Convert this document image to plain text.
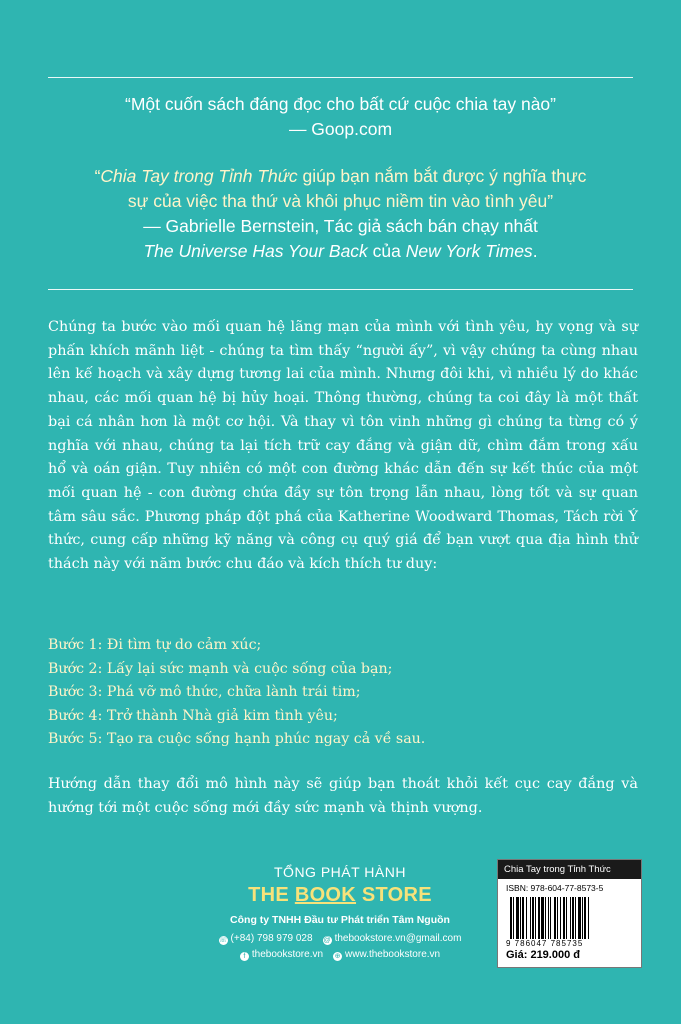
“Một cuốn sách đáng đọc cho bất cứ cuộc chia tay nào”
— Goop.com
“Chia Tay trong Tỉnh Thức giúp bạn nắm bắt được ý nghĩa thực
sự của việc tha thứ và khôi phục niềm tin vào tình yêu”
— Gabrielle Bernstein, Tác giả sách bán chạy nhất
The Universe Has Your Back của New York Times.
Chúng ta bước vào mối quan hệ lãng mạn của mình với tình yêu, hy vọng và sự phấn khích mãnh liệt - chúng ta tìm thấy “người ấy”, vì vậy chúng ta cùng nhau lên kế hoạch và xây dựng tương lai của mình. Nhưng đôi khi, vì nhiều lý do khác nhau, các mối quan hệ bị hủy hoại. Thông thường, chúng ta coi đây là một thất bại cá nhân hơn là một cơ hội. Và thay vì tôn vinh những gì chúng ta từng có ý nghĩa với nhau, chúng ta lại tích trữ cay đắng và giận dữ, chìm đắm trong xấu hổ và oán giận. Tuy nhiên có một con đường khác dẫn đến sự kết thúc của một mối quan hệ - con đường chứa đầy sự tôn trọng lẫn nhau, lòng tốt và sự quan tâm sâu sắc. Phương pháp đột phá của Katherine Woodward Thomas, Tách rời Ý thức, cung cấp những kỹ năng và công cụ quý giá để bạn vượt qua địa hình thử thách này với năm bước chu đáo và kích thích tư duy:
Bước 1: Đi tìm tự do cảm xúc;
Bước 2: Lấy lại sức mạnh và cuộc sống của bạn;
Bước 3: Phá vỡ mô thức, chữa lành trái tim;
Bước 4: Trở thành Nhà giả kim tình yêu;
Bước 5: Tạo ra cuộc sống hạnh phúc ngay cả về sau.
Hướng dẫn thay đổi mô hình này sẽ giúp bạn thoát khỏi kết cục cay đắng và hướng tới một cuộc sống mới đầy sức mạnh và thịnh vượng.
TỔNG PHÁT HÀNH
THE BOOK STORE
Công ty TNHH Đầu tư Phát triển Tâm Nguồn
☏ (+84) 798 979 028 @ thebookstore.vn@gmail.com
f thebookstore.vn ⊕ www.thebookstore.vn
Chia Tay trong Tỉnh Thức
ISBN: 978-604-77-8573-5
9 786047 785735
Giá: 219.000 đ
